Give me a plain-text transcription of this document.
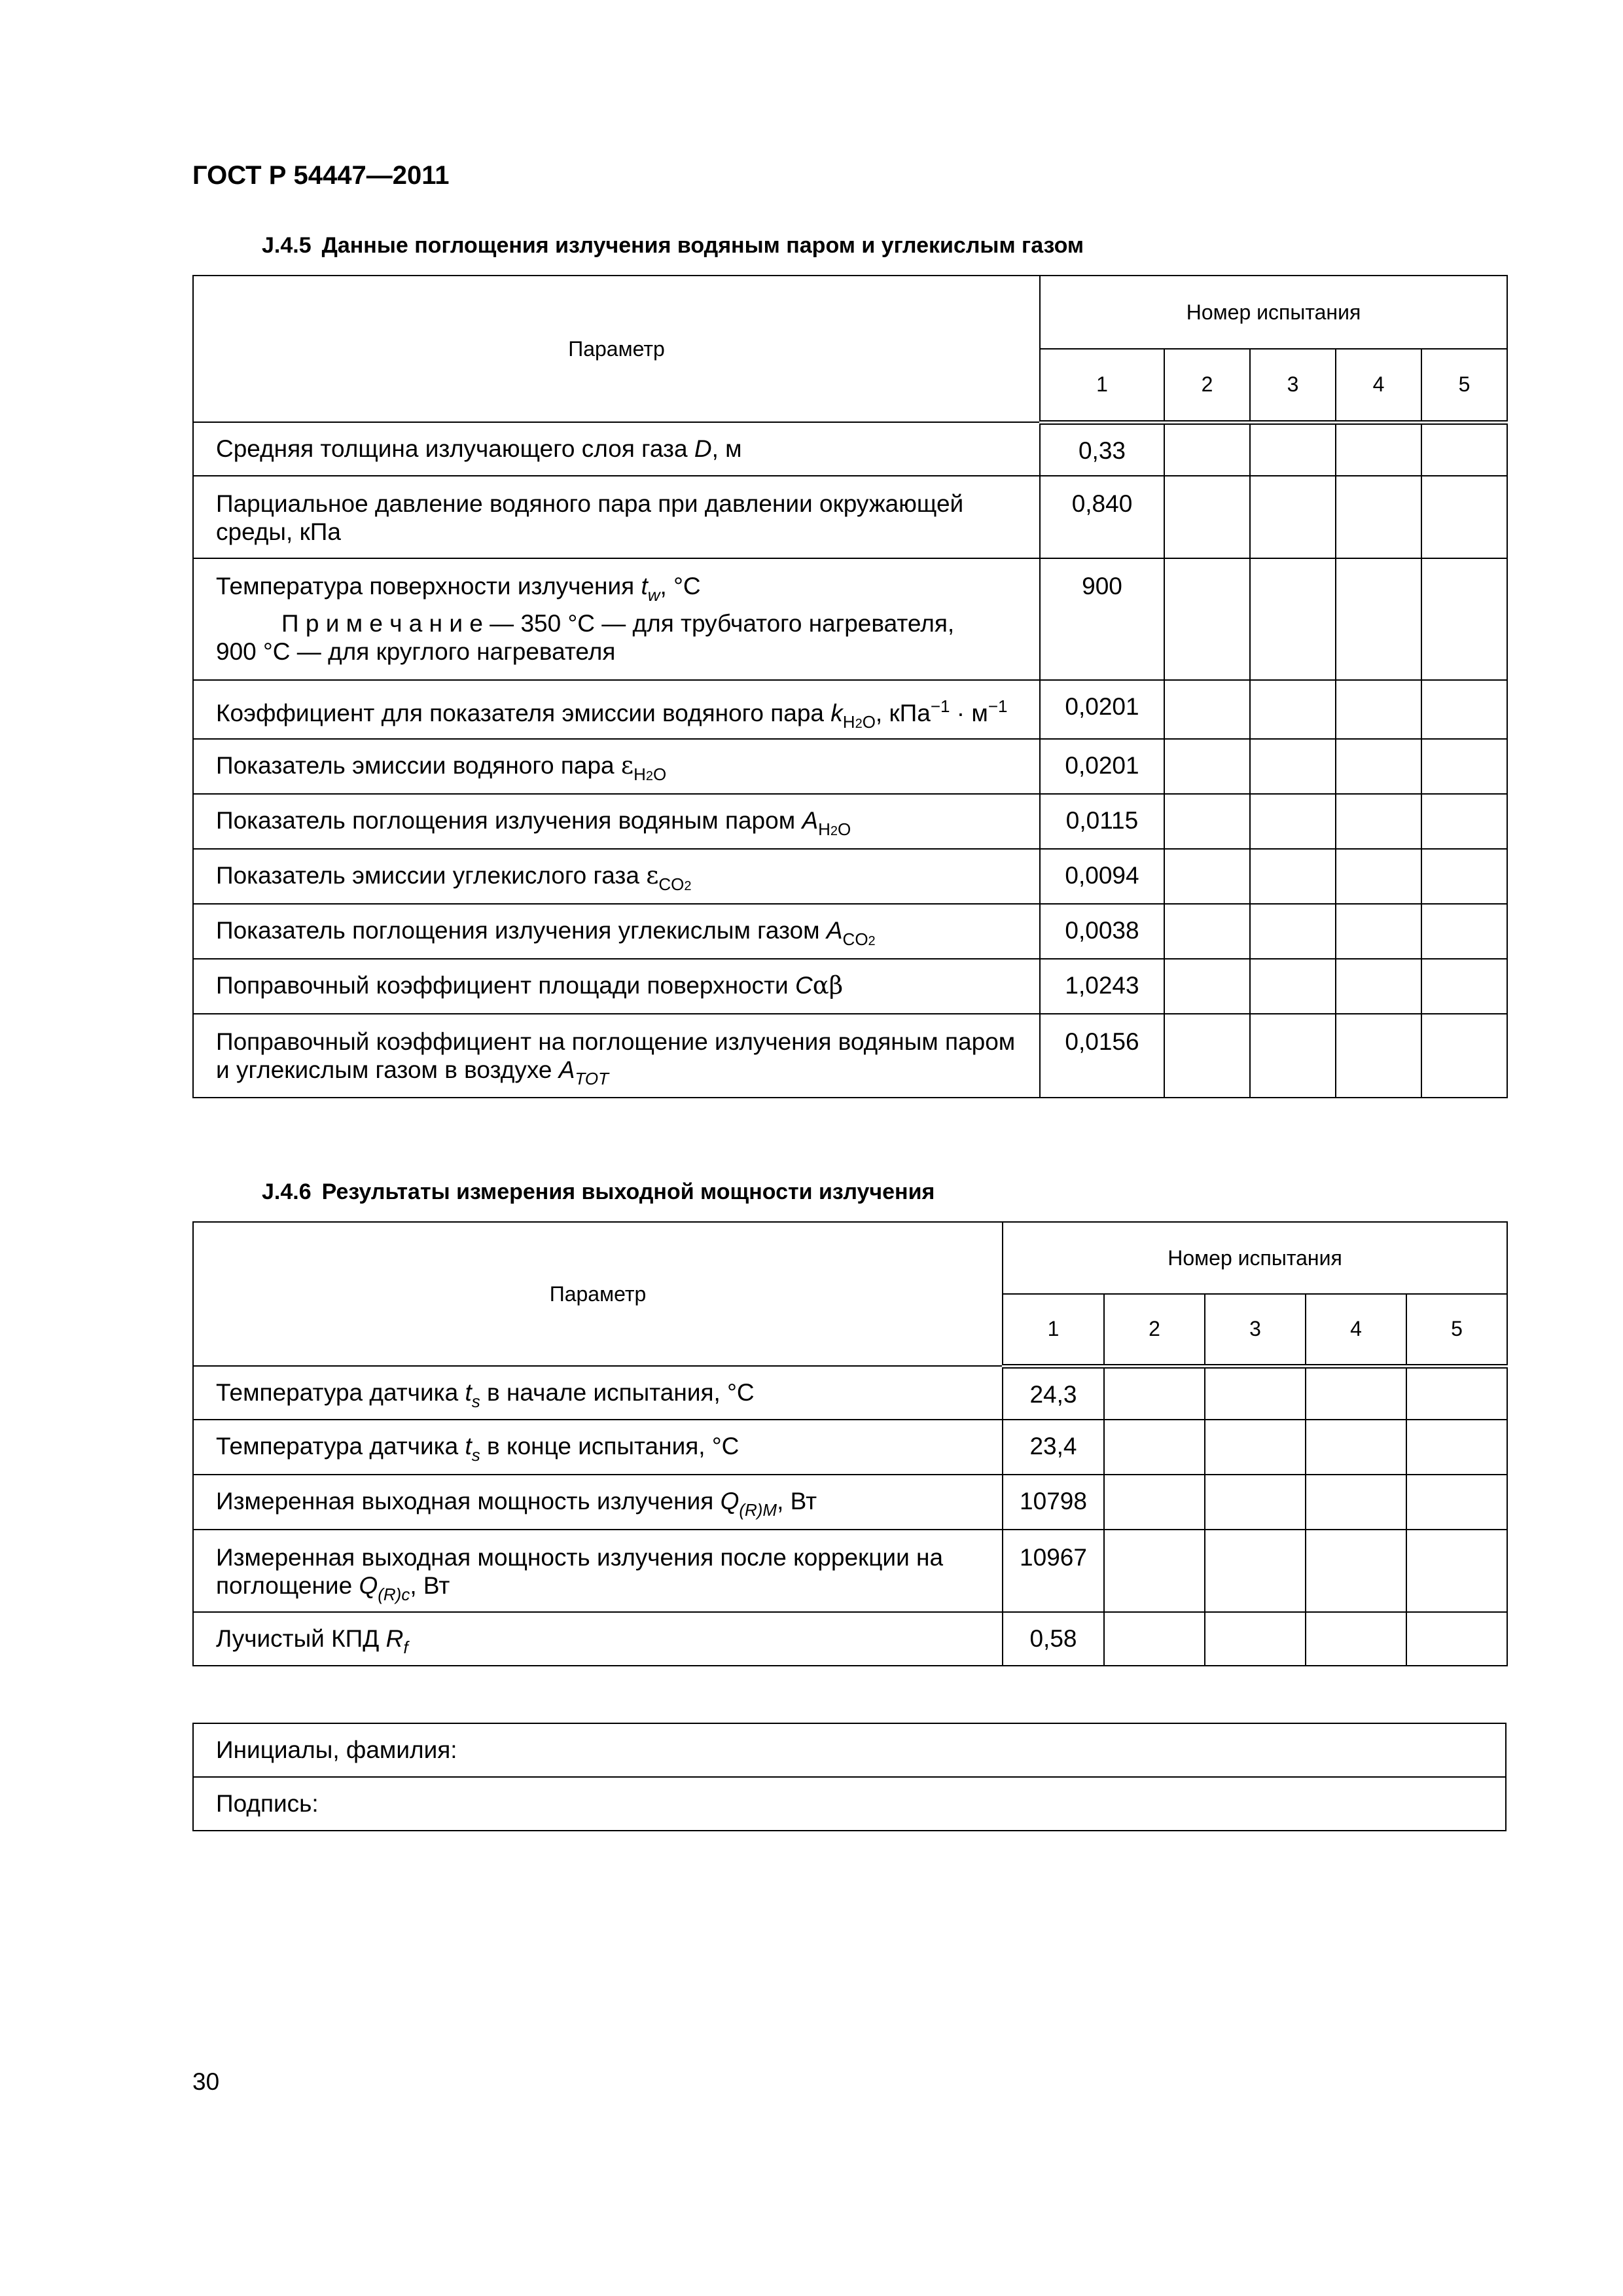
ГОСТ Р 54447—2011
J.4.5 Данные поглощения излучения водяным паром и углекислым газом
Параметр	Номер испытания				
	1	2	3	4	5
Средняя толщина излучающего слоя газа D, м	0,33				
Парциальное давление водяного пара при давлении окружающей среды, кПа	0,840				

Температура поверхности излучения $t_w$, °С
П р и м е ч а н и е — 350 °С — для трубчатого нагревателя,
900 °С — для круглого нагревателя	900				
Коэффициент для показателя эмиссии водяного пара $k_{H2O}$, $кПа^{-1} \cdot м^{-1}$	0,0201				
Показатель эмиссии водяного пара $\varepsilon_{H2O}$	0,0201				
Показатель поглощения излучения водяным паром $A_{H2O}$	0,0115				
Показатель эмиссии углекислого газа $\varepsilon_{CO2}$	0,0094				
Показатель поглощения излучения углекислым газом $A_{CO2}$	0,0038				
Поправочный коэффициент площади поверхности Cαβ	1,0243				
Поправочный коэффициент на поглощение излучения водяным паром и углекислым газом в воздухе $A_{TOT}$	0,0156				
J.4.6 Результаты измерения выходной мощности излучения
Параметр	Номер испытания				
	1	2	3	4	5
Температура датчика $t_s$ в начале испытания, °С	24,3				
Температура датчика $t_s$ в конце испытания, °С	23,4				
Измеренная выходная мощность излучения $Q_{(R)M}$, Вт	10798				
Измеренная выходная мощность излучения после коррекции на поглощение $Q_{(R)c}$, Вт	10967				
Лучистый КПД $R_f$	0,58				
Инициалы, фамилия:
Подпись:
30
